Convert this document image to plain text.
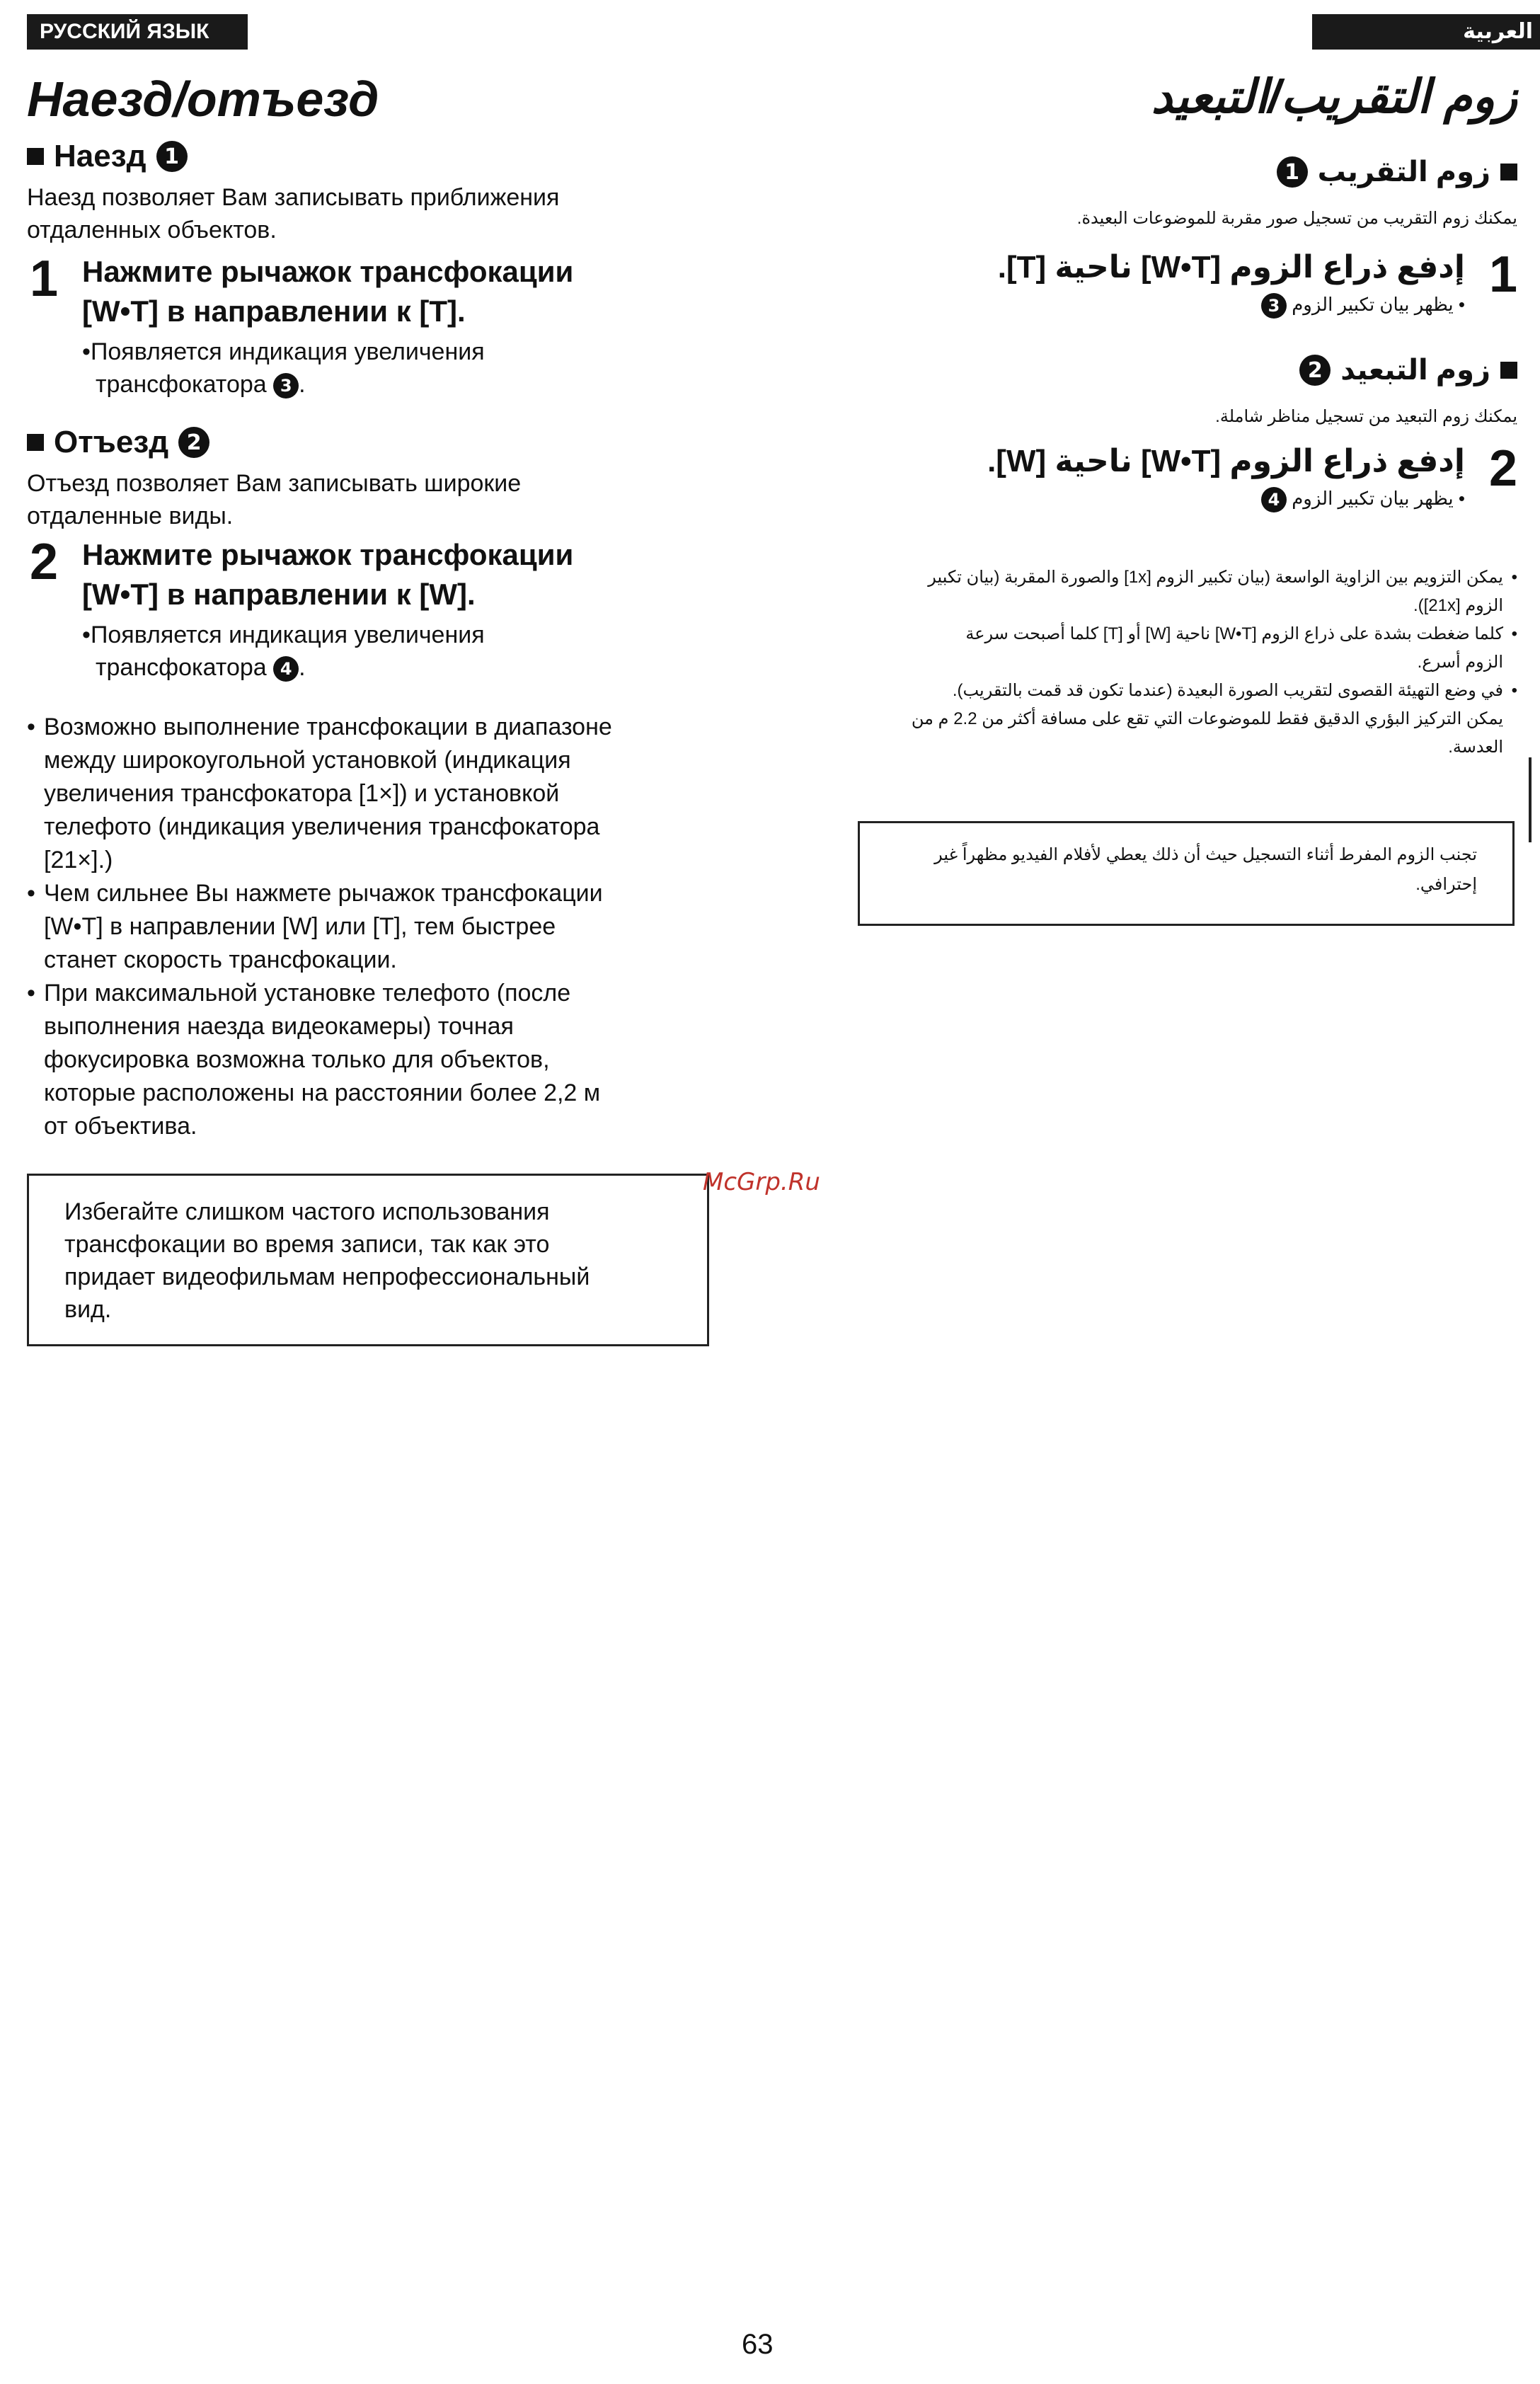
РУССКИЙ ЯЗЫК
Наезд/отъезд
Наезд 1

Наезд позволяет Вам записывать приближения
отдаленных объектов.

1 Нажмите рычажок трансфокации
[W•T] в направлении к [T].
•Появляется индикация увеличения
трансфокатора 3 .
Отъезд 2

Отъезд позволяет Вам записывать широкие
отдаленные виды.

2 Нажмите рычажок трансфокации
[W•T] в направлении к [W].
•Появляется индикация увеличения
трансфокатора 4 .
• Возможно выполнение трансфокации в диапазоне
между широкоугольной установкой (индикация
увеличения трансфокатора [1×]) и установкой
телефото (индикация увеличения трансфокатора
[21×].)
• Чем сильнее Вы нажмете рычажок трансфокации
[W•T] в направлении [W] или [T], тем быстрее
станет скорость трансфокации.
• При максимальной установке телефото (после
выполнения наезда видеокамеры) точная
фокусировка возможна только для объектов,
которые расположены на расстоянии более 2,2 м
от объектива.
Избегайте слишком частого использования
трансфокации во время записи, так как это
придает видеофильмам непрофессиональный
вид.
العربية
زوم التقريب/التبعيد
زوم التقريب
1

يمكنك زوم التقريب من تسجيل صور مقربة للموضوعات البعيدة.

1
إدفع ذراع الزوم [W•T] ناحية [T].
• يظهر بيان تكبير الزوم 3
زوم التبعيد
2

يمكنك زوم التبعيد من تسجيل مناظر شاملة.

2
إدفع ذراع الزوم [W•T] ناحية [W].
• يظهر بيان تكبير الزوم 4
• يمكن التزويم بين الزاوية الواسعة (بيان تكبير الزوم [1x] والصورة المقربة (بيان تكبير
الزوم [21x]).
• كلما ضغطت بشدة على ذراع الزوم [W•T] ناحية [W] أو [T] كلما أصبحت سرعة
الزوم أسرع.
• في وضع التهيئة القصوى لتقريب الصورة البعيدة (عندما تكون قد قمت بالتقريب).
يمكن التركيز البؤري الدقيق فقط للموضوعات التي تقع على مسافة أكثر من 2.2 م من
العدسة.
تجنب الزوم المفرط أثناء التسجيل حيث أن ذلك يعطي لأفلام الفيديو مظهراً غير
إحترافي.
McGrp.Ru
63
